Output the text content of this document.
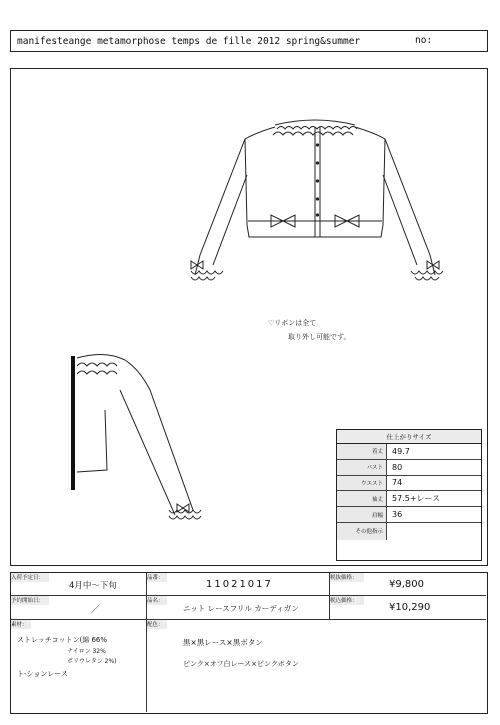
manifesteange metamorphose temps de fille 2012 spring&summer	no:
♡リボンは全て
取り外し可能です。
仕上がりサイズ
着丈	49.7
バスト	80
ウエスト	74
袖丈	57.5+レース
肩幅	36
その他指示
入荷予定日：
4月中〜下旬
品番：
11021017
税抜価格：
¥9,800
予約開始日：
／
品名：
ニット レースフリル カーディガン
税込価格：
¥10,290
素材：
ストレッチコットン(綿 66%
ナイロン 32%
ポリウレタン 2%)
ト-ションレース
配色：
黒×黒レース×黒ボタン
ピンク×オフ白レース×ピンクボタン
